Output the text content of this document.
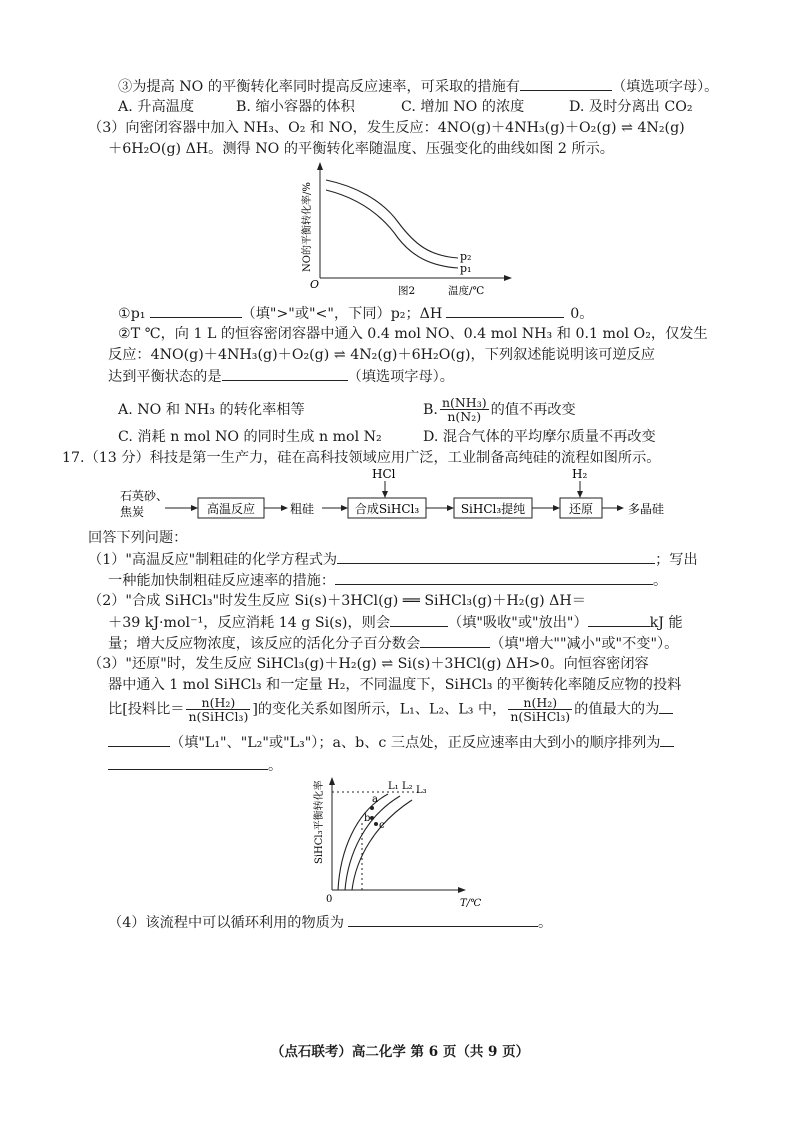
③为提高 NO 的平衡转化率同时提高反应速率，可采取的措施有	（填选项字母）。
A. 升高温度	B. 缩小容器的体积	C. 增加 NO 的浓度	D. 及时分离出 CO₂
（3）向密闭容器中加入 NH₃、O₂ 和 NO，发生反应：4NO(g)＋4NH₃(g)＋O₂(g) ⇌ 4N₂(g)
＋6H₂O(g) ΔH。测得 NO 的平衡转化率随温度、压强变化的曲线如图 2 所示。
p₂
p₁
O	图2	温度/℃
NO的平衡转化率/%
①p₁	（填">"或"<"，下同）p₂；ΔH	0。
②T ℃，向 1 L 的恒容密闭容器中通入 0.4 mol NO、0.4 mol NH₃ 和 0.1 mol O₂，仅发生
反应：4NO(g)＋4NH₃(g)＋O₂(g) ⇌ 4N₂(g)＋6H₂O(g)，下列叙述能说明该可逆反应
达到平衡状态的是	（填选项字母）。
A. NO 和 NH₃ 的转化率相等	B. $\frac{\text{n(NH₃)}}{\text{n(N₂)}}$ 的值不再改变
C. 消耗 n mol NO 的同时生成 n mol N₂	D. 混合气体的平均摩尔质量不再改变
17.（13 分）科技是第一生产力，硅在高科技领域应用广泛，工业制备高纯硅的流程如图所示。
石英砂、
焦炭	高温反应	粗硅
HCl
合成SiHCl₃	SiHCl₃提纯
H₂
还原	多晶硅
回答下列问题：
（1）"高温反应"制粗硅的化学方程式为	；写出
一种能加快制粗硅反应速率的措施：	。
（2）"合成 SiHCl₃"时发生反应 Si(s)＋3HCl(g) ══ SiHCl₃(g)＋H₂(g) ΔH＝
＋39 kJ·mol⁻¹，反应消耗 14 g Si(s)，则会	（填"吸收"或"放出"）	kJ 能
量；增大反应物浓度，该反应的活化分子百分数会	（填"增大""减小"或"不变"）。
（3）"还原"时，发生反应 SiHCl₃(g)＋H₂(g) ⇌ Si(s)＋3HCl(g) ΔH>0。向恒容密闭容
器中通入 1 mol SiHCl₃ 和一定量 H₂，不同温度下，SiHCl₃ 的平衡转化率随反应物的投料
比[投料比＝ $\frac{\text{n(H₂)}}{\text{n(SiHCl₃)}}$ ]的变化关系如图所示，L₁、L₂、L₃ 中， $\frac{\text{n(H₂)}}{\text{n(SiHCl₃)}}$ 的值最大的为
（填"L₁"、"L₂"或"L₃"）；a、b、c 三点处，正反应速率由大到小的顺序排列为
。
L₁ L₂ L₃
a
b
c
0	T/℃
SiHCl₃平衡转化率
（4）该流程中可以循环利用的物质为	。
（点石联考）高二化学 第 6 页（共 9 页）
